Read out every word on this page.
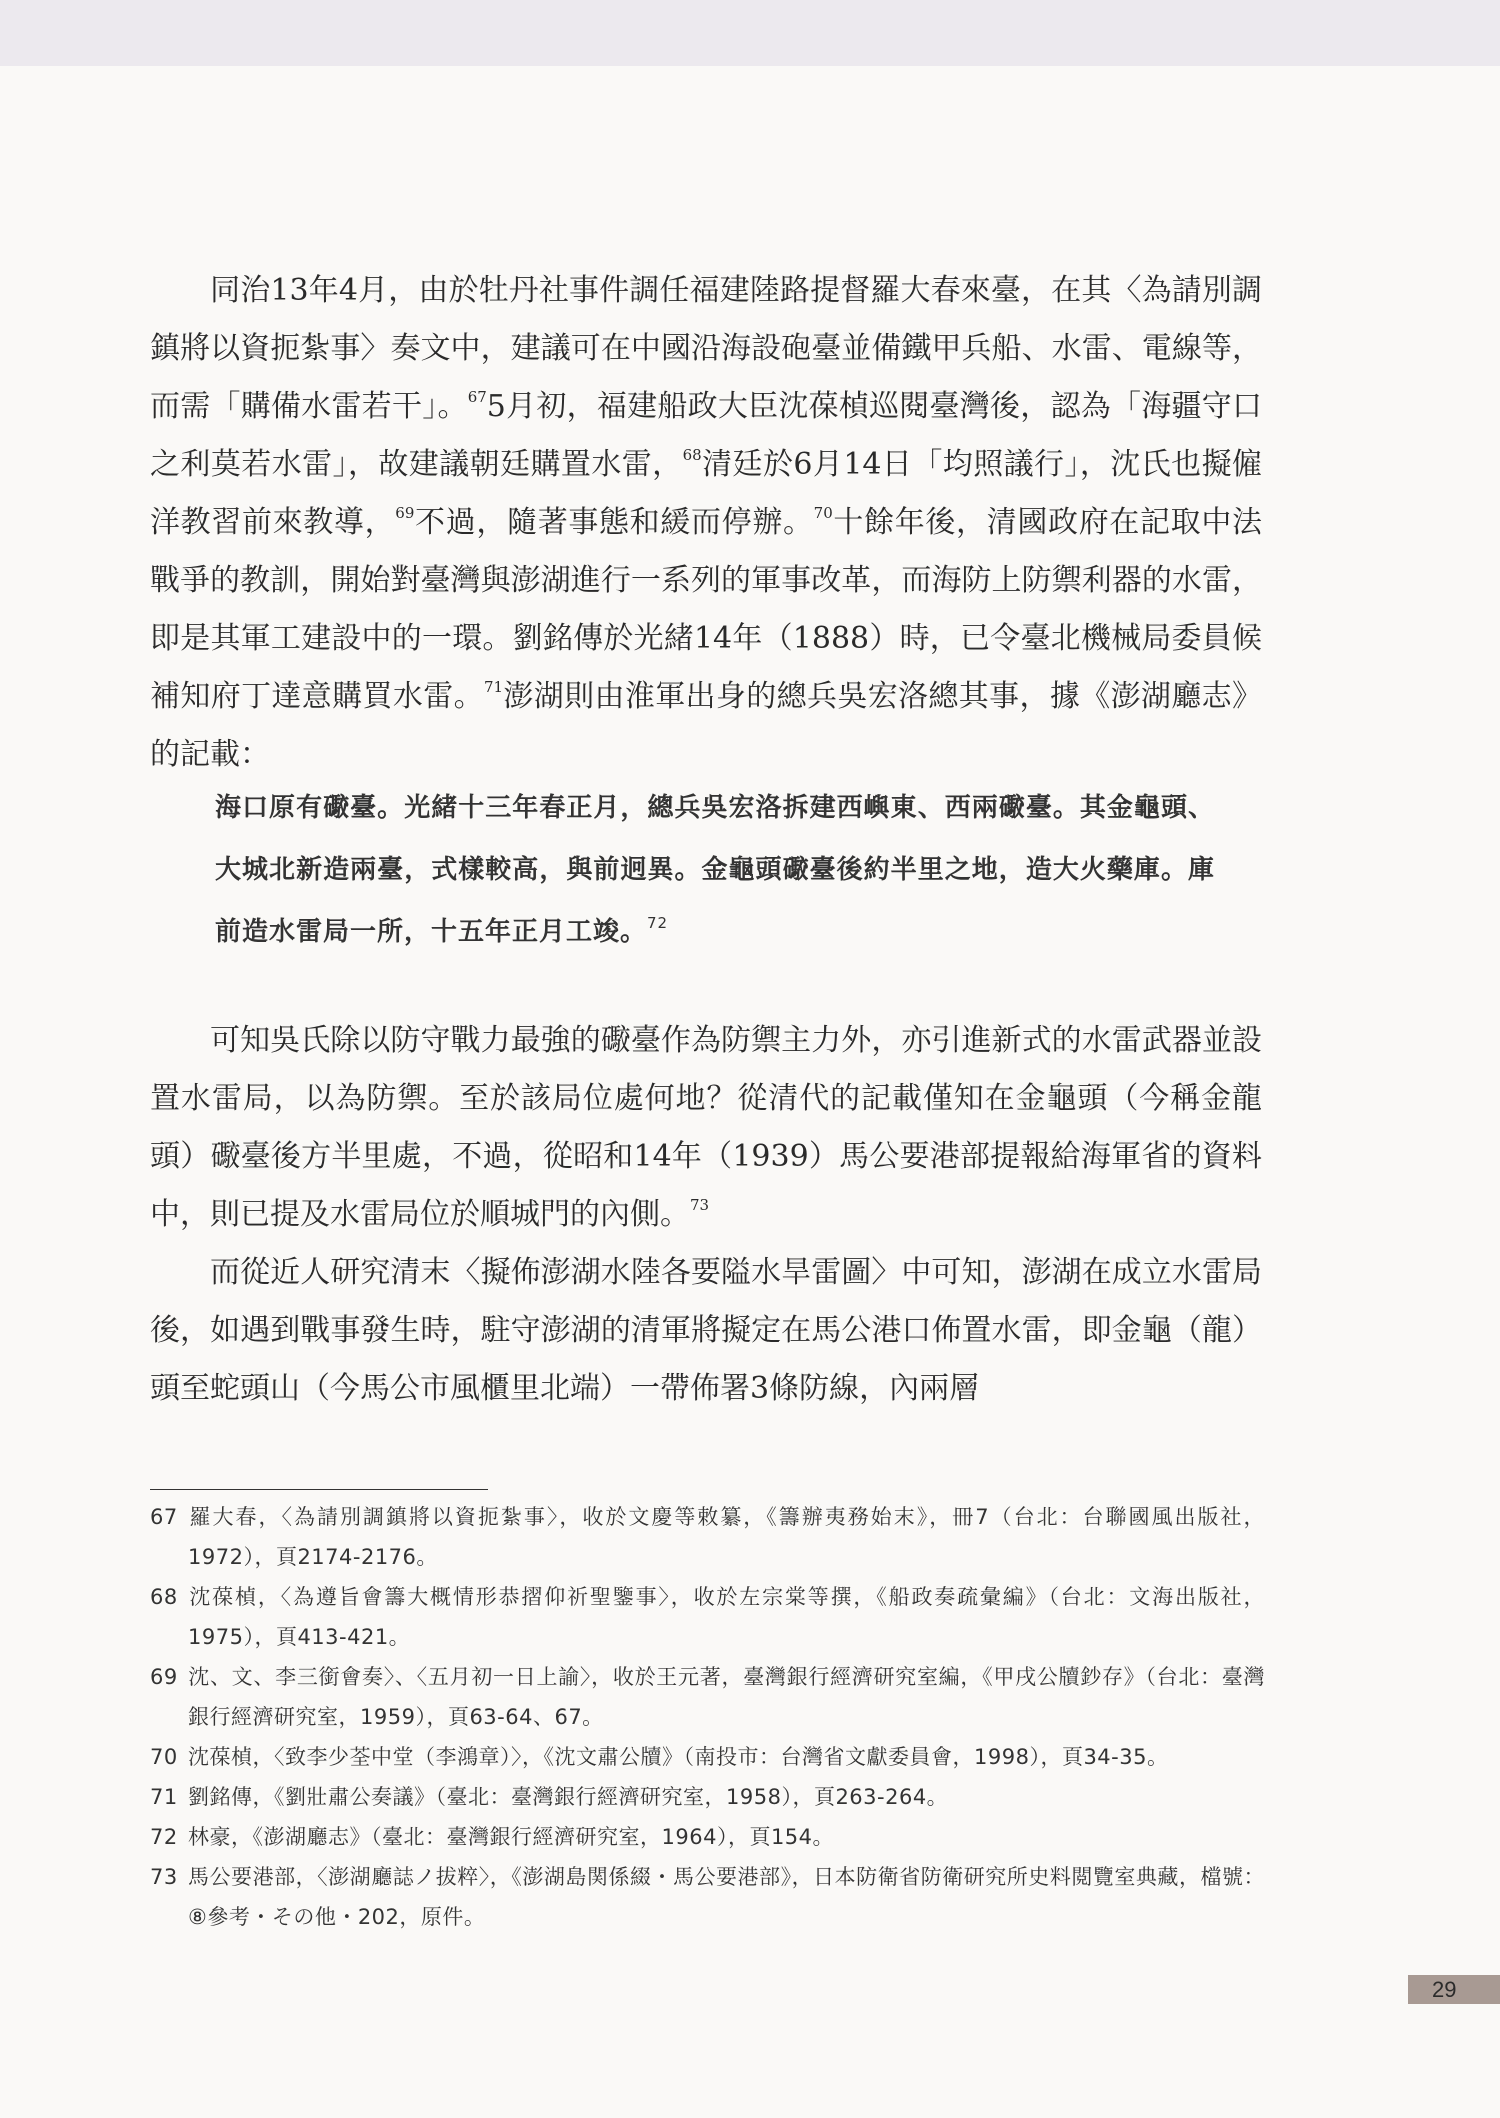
同治13年4月，由於牡丹社事件調任福建陸路提督羅大春來臺，在其〈為請別調鎮將以資扼紮事〉奏文中，建議可在中國沿海設砲臺並備鐵甲兵船、水雷、電線等，而需「購備水雷若干」。$^{67}$5月初，福建船政大臣沈葆楨巡閱臺灣後，認為「海疆守口之利莫若水雷」，故建議朝廷購置水雷，$^{68}$清廷於6月14日「均照議行」，沈氏也擬僱洋教習前來教導，$^{69}$不過，隨著事態和緩而停辦。$^{70}$十餘年後，清國政府在記取中法戰爭的教訓，開始對臺灣與澎湖進行一系列的軍事改革，而海防上防禦利器的水雷，即是其軍工建設中的一環。劉銘傳於光緒14年（1888）時，已令臺北機械局委員候補知府丁達意購買水雷。$^{71}$澎湖則由淮軍出身的總兵吳宏洛總其事，據《澎湖廳志》的記載：

海口原有礮臺。光緒十三年春正月，總兵吳宏洛拆建西嶼東、西兩礮臺。其金龜頭、大城北新造兩臺，式樣較高，與前迥異。金龜頭礮臺後約半里之地，造大火藥庫。庫前造水雷局一所，十五年正月工竣。$^{72}$

可知吳氏除以防守戰力最強的礮臺作為防禦主力外，亦引進新式的水雷武器並設置水雷局，以為防禦。至於該局位處何地？從清代的記載僅知在金龜頭（今稱金龍頭）礮臺後方半里處，不過，從昭和14年（1939）馬公要港部提報給海軍省的資料中，則已提及水雷局位於順城門的內側。$^{73}$

而從近人研究清末〈擬佈澎湖水陸各要隘水旱雷圖〉中可知，澎湖在成立水雷局後，如遇到戰事發生時，駐守澎湖的清軍將擬定在馬公港口佈置水雷，即金龜（龍）頭至蛇頭山（今馬公市風櫃里北端）一帶佈署3條防線，內兩層

67 羅大春，〈為請別調鎮將以資扼紮事〉，收於文慶等敕纂，《籌辦夷務始末》，冊7（台北：台聯國風出版社，1972），頁2174-2176。

68 沈葆楨，〈為遵旨會籌大概情形恭摺仰祈聖鑒事〉，收於左宗棠等撰，《船政奏疏彙編》（台北：文海出版社，1975），頁413-421。

69 沈、文、李三銜會奏〉、〈五月初一日上諭〉，收於王元著，臺灣銀行經濟研究室編，《甲戌公牘鈔存》（台北：臺灣銀行經濟研究室，1959），頁63-64、67。

70 沈葆楨，〈致李少荃中堂（李鴻章）〉，《沈文肅公牘》（南投市：台灣省文獻委員會，1998），頁34-35。

71 劉銘傳，《劉壯肅公奏議》（臺北：臺灣銀行經濟研究室，1958），頁263-264。

72 林豪，《澎湖廳志》（臺北：臺灣銀行經濟研究室，1964），頁154。

73 馬公要港部，〈澎湖廳誌ノ拔粹〉，《澎湖島関係綴・馬公要港部》，日本防衛省防衛研究所史料閲覽室典藏，檔號：⑧參考・その他・202，原件。

29
